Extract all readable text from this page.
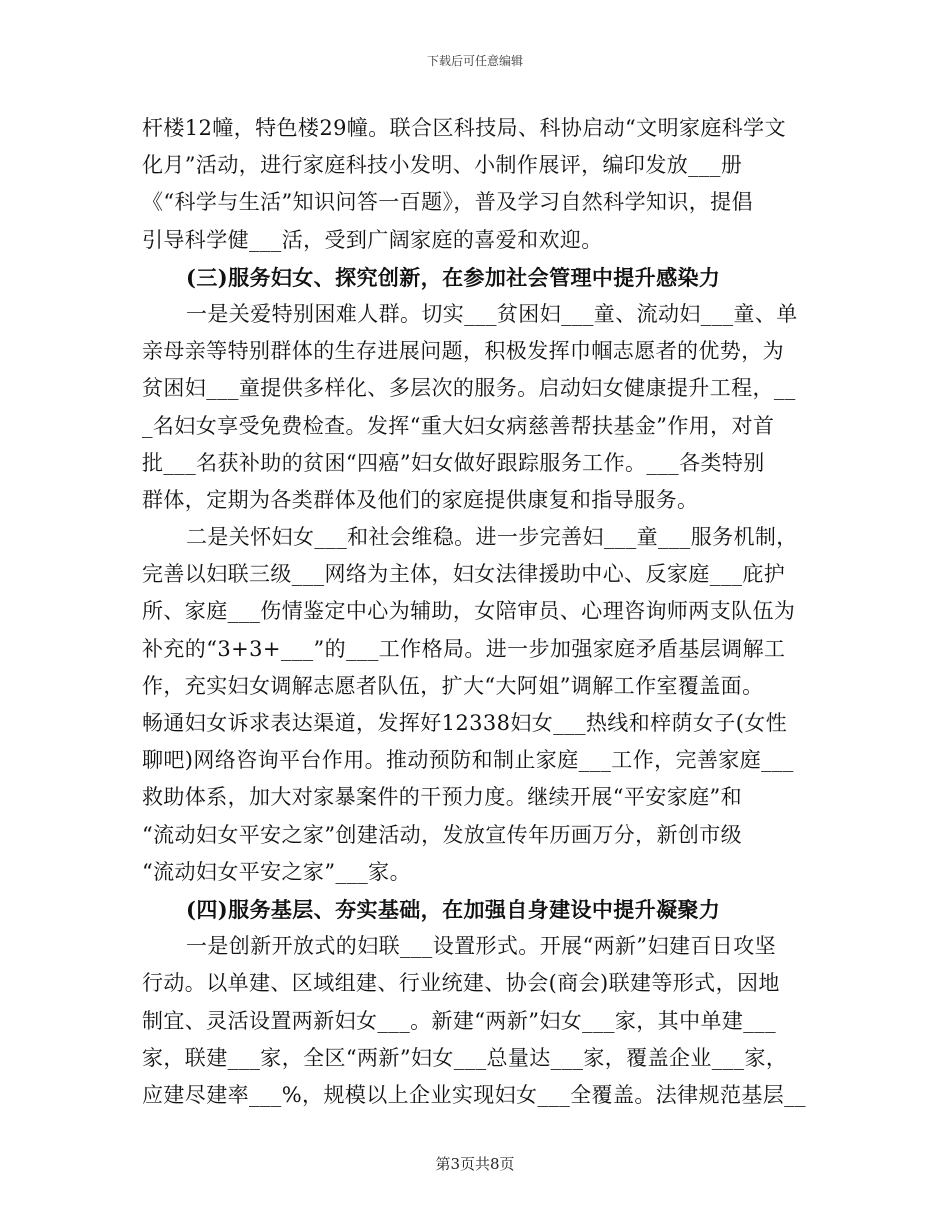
下载后可任意编辑
杆楼12幢，特色楼29幢。联合区科技局、科协启动“文明家庭科学文
化月”活动，进行家庭科技小发明、小制作展评，编印发放___册
《“科学与生活”知识问答一百题》，普及学习自然科学知识，提倡
引导科学健___活，受到广阔家庭的喜爱和欢迎。
(三)服务妇女、探究创新，在参加社会管理中提升感染力
一是关爱特别困难人群。切实___贫困妇___童、流动妇___童、单
亲母亲等特别群体的生存进展问题，积极发挥巾帼志愿者的优势，为
贫困妇___童提供多样化、多层次的服务。启动妇女健康提升工程，__
_名妇女享受免费检查。发挥“重大妇女病慈善帮扶基金”作用，对首
批___名获补助的贫困“四癌”妇女做好跟踪服务工作。___各类特别
群体，定期为各类群体及他们的家庭提供康复和指导服务。
二是关怀妇女___和社会维稳。进一步完善妇___童___服务机制，
完善以妇联三级___网络为主体，妇女法律援助中心、反家庭___庇护
所、家庭___伤情鉴定中心为辅助，女陪审员、心理咨询师两支队伍为
补充的“3+3+___”的___工作格局。进一步加强家庭矛盾基层调解工
作，充实妇女调解志愿者队伍，扩大“大阿姐”调解工作室覆盖面。
畅通妇女诉求表达渠道，发挥好12338妇女___热线和梓荫女子(女性
聊吧)网络咨询平台作用。推动预防和制止家庭___工作，完善家庭___
救助体系，加大对家暴案件的干预力度。继续开展“平安家庭”和
“流动妇女平安之家”创建活动，发放宣传年历画万分，新创市级
“流动妇女平安之家”___家。
(四)服务基层、夯实基础，在加强自身建设中提升凝聚力
一是创新开放式的妇联___设置形式。开展“两新”妇建百日攻坚
行动。以单建、区域组建、行业统建、协会(商会)联建等形式，因地
制宜、灵活设置两新妇女___。新建“两新”妇女___家，其中单建___
家，联建___家，全区“两新”妇女___总量达___家，覆盖企业___家，
应建尽建率___%，规模以上企业实现妇女___全覆盖。法律规范基层__
第3页共8页
